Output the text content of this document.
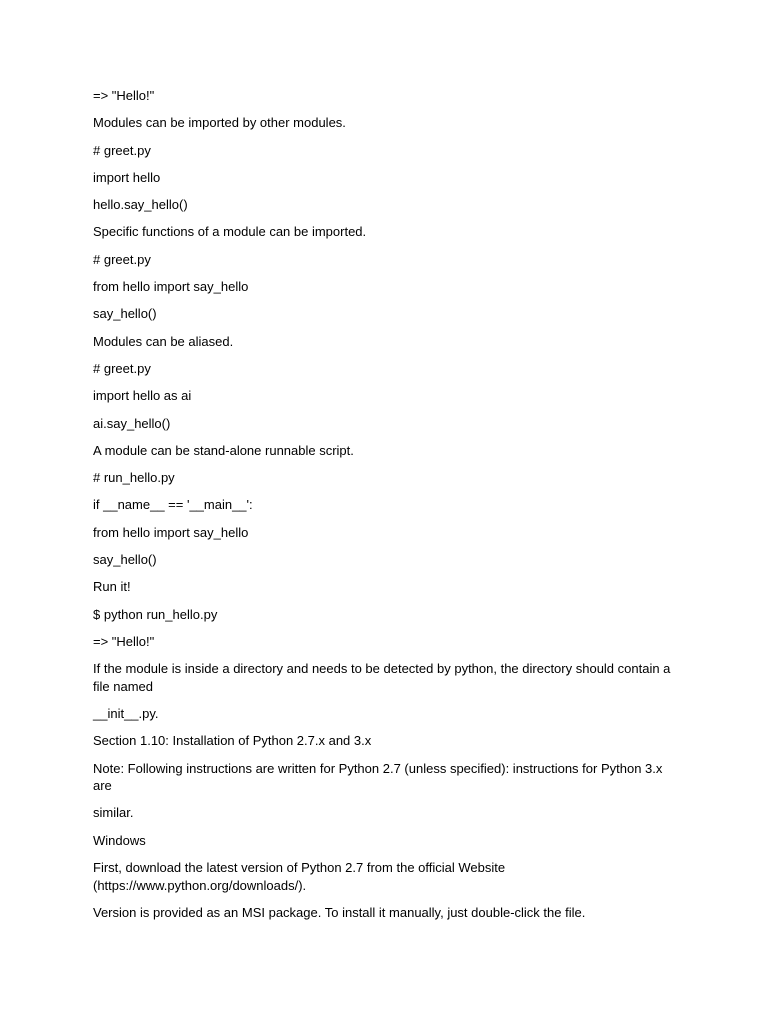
=> "Hello!"

Modules can be imported by other modules.

# greet.py

import hello

hello.say_hello()

Specific functions of a module can be imported.

# greet.py

from hello import say_hello

say_hello()

Modules can be aliased.

# greet.py

import hello as ai

ai.say_hello()

A module can be stand-alone runnable script.

# run_hello.py

if __name__ == '__main__':

from hello import say_hello

say_hello()

Run it!

$ python run_hello.py

=> "Hello!"

If the module is inside a directory and needs to be detected by python, the directory should contain a file named

__init__.py.

Section 1.10: Installation of Python 2.7.x and 3.x

Note: Following instructions are written for Python 2.7 (unless specified): instructions for Python 3.x are

similar.

Windows

First, download the latest version of Python 2.7 from the official Website (https://www.python.org/downloads/).

Version is provided as an MSI package. To install it manually, just double-click the file.
